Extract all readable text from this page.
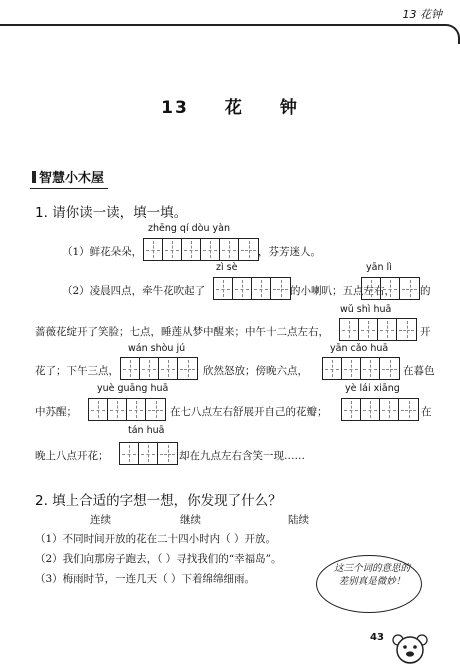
13 花钟
13 花 钟
智慧小木屋
1. 请你读一读，填一填。
zhēng qí dòu yàn
（1）鲜花朵朵，	，芬芳迷人。
zì sè	yān lì
（2）凌晨四点，牵牛花吹起了	的小喇叭；五点左右， 的
wǔ shì huā
蔷薇花绽开了笑脸；七点，睡莲从梦中醒来；中午十二点左右，	开
wán shòu jú	yān cǎo huā
花了；下午三点，	欣然怒放；傍晚六点，	在暮色
yuè guāng huā	yè lái xiāng
中苏醒；	在七八点左右舒展开自己的花瓣；	在
tán huā
晚上八点开花；	却在九点左右含笑一现……
2. 填上合适的字想一想，你发现了什么？
连续	继续	陆续
（1）不同时间开放的花在二十四小时内（ ）开放。
（2）我们向那房子跑去，（ ）寻找我们的“幸福岛”。
（3）梅雨时节，一连几天（ ）下着绵绵细雨。
这三个词的意思的差别真是微妙！
43
